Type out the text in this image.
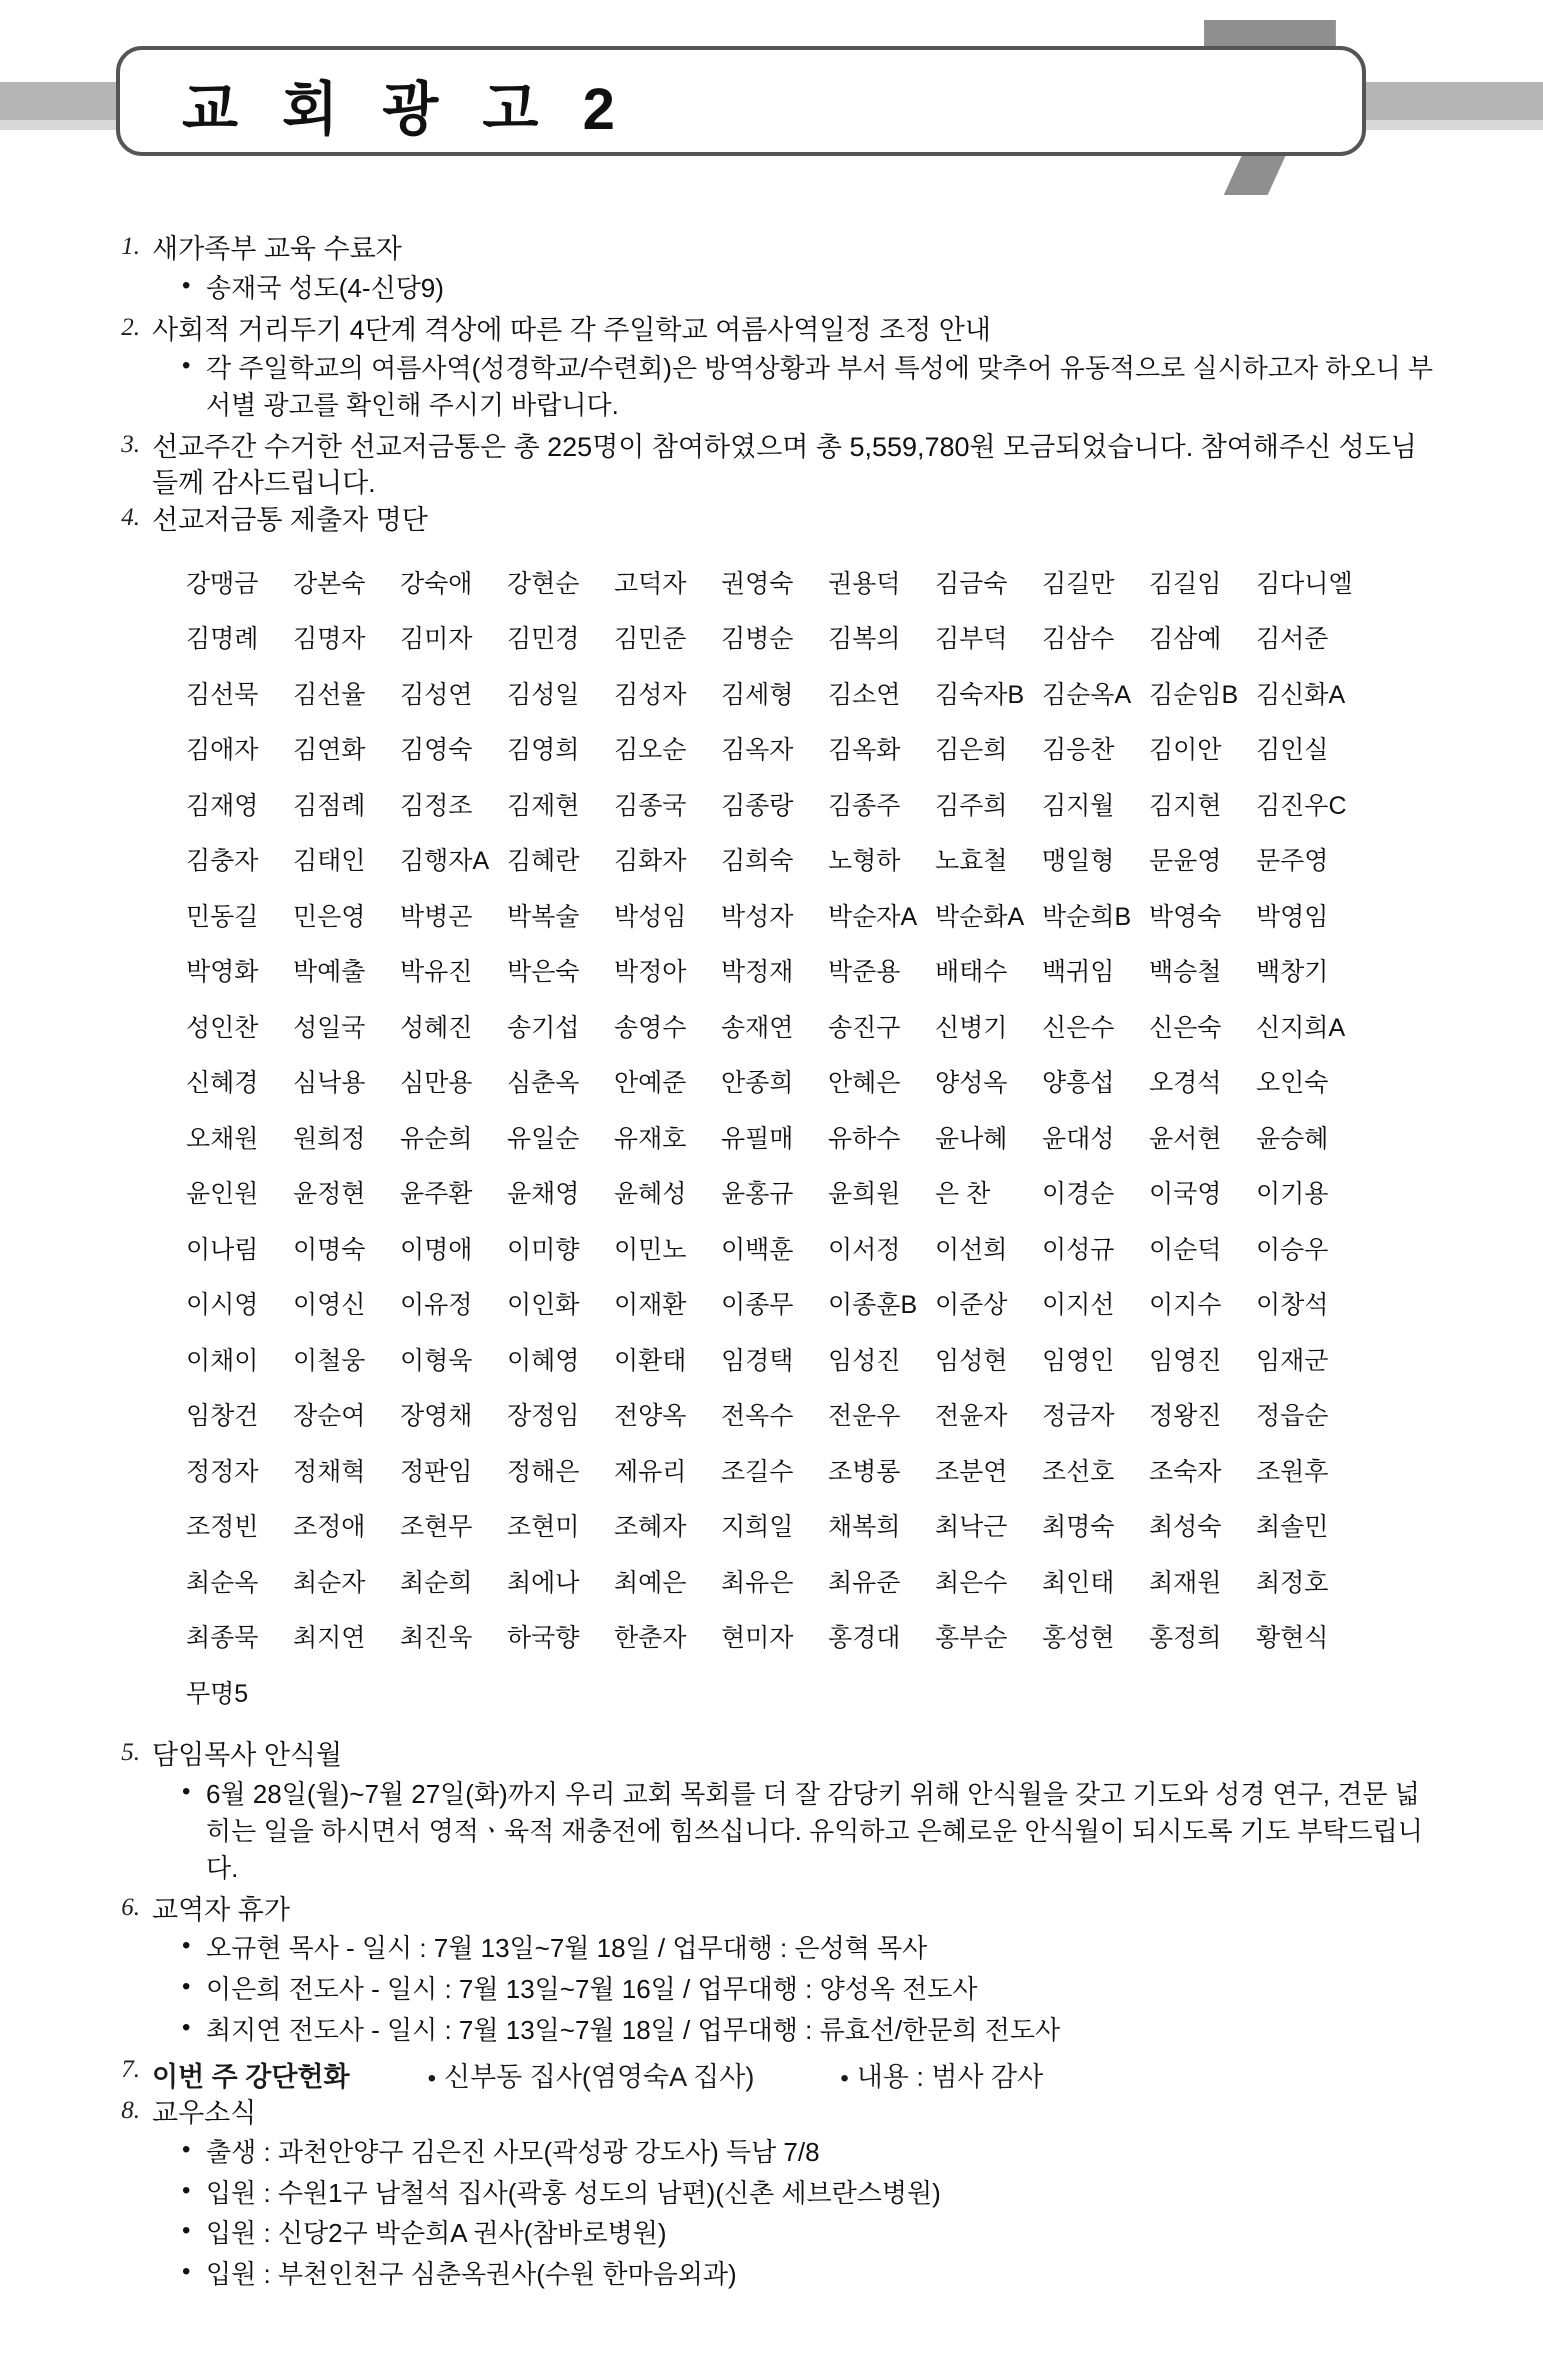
교 회 광 고 2
1. 새가족부 교육 수료자
• 송재국 성도(4-신당9)
2. 사회적 거리두기 4단계 격상에 따른 각 주일학교 여름사역일정 조정 안내
• 각 주일학교의 여름사역(성경학교/수련회)은 방역상황과 부서 특성에 맞추어 유동적으로 실시하고자 하오니 부서별 광고를 확인해 주시기 바랍니다.
3. 선교주간 수거한 선교저금통은 총 225명이 참여하였으며 총 5,559,780원 모금되었습니다. 참여해주신 성도님들께 감사드립니다.
4. 선교저금통 제출자 명단
강맹금	강본숙	강숙애	강현순	고덕자	권영숙	권용덕	김금숙	김길만	김길임	김다니엘
김명례	김명자	김미자	김민경	김민준	김병순	김복의	김부덕	김삼수	김삼예	김서준
김선묵	김선율	김성연	김성일	김성자	김세형	김소연	김숙자B 김순옥A 김순임B 김신화A
김애자	김연화	김영숙	김영희	김오순	김옥자	김옥화	김은희	김응찬	김이안	김인실
김재영	김점례	김정조	김제현	김종국	김종랑	김종주	김주희	김지월	김지현	김진우C
김충자	김태인	김행자A 김혜란	김화자	김희숙	노형하	노효철	맹일형	문윤영	문주영
민동길	민은영	박병곤	박복술	박성임	박성자	박순자A 박순화A 박순희B 박영숙	박영임
박영화	박예출	박유진	박은숙	박정아	박정재	박준용	배태수	백귀임	백승철	백창기
성인찬	성일국	성혜진	송기섭	송영수	송재연	송진구	신병기	신은수	신은숙	신지희A
신혜경	심낙용	심만용	심춘옥	안예준	안종희	안혜은	양성옥	양흥섭	오경석	오인숙
오채원	원희정	유순희	유일순	유재호	유필매	유하수	윤나혜	윤대성	윤서현	윤승혜
윤인원	윤정현	윤주환	윤채영	윤혜성	윤홍규	윤희원	은 찬	이경순	이국영	이기용
이나림	이명숙	이명애	이미향	이민노	이백훈	이서정	이선희	이성규	이순덕	이승우
이시영	이영신	이유정	이인화	이재환	이종무	이종훈B 이준상	이지선	이지수	이창석
이채이	이철웅	이형욱	이혜영	이환태	임경택	임성진	임성현	임영인	임영진	임재군
임창건	장순여	장영채	장정임	전양옥	전옥수	전운우	전윤자	정금자	정왕진	정읍순
정정자	정채혁	정판임	정해은	제유리	조길수	조병롱	조분연	조선호	조숙자	조원후
조정빈	조정애	조현무	조현미	조혜자	지희일	채복희	최낙근	최명숙	최성숙	최솔민
최순옥	최순자	최순희	최에나	최예은	최유은	최유준	최은수	최인태	최재원	최정호
최종묵	최지연	최진욱	하국향	한춘자	현미자	홍경대	홍부순	홍성현	홍정희	황현식
무명5
5. 담임목사 안식월
• 6월 28일(월)~7월 27일(화)까지 우리 교회 목회를 더 잘 감당키 위해 안식월을 갖고 기도와 성경 연구, 견문 넓히는 일을 하시면서 영적ㆍ육적 재충전에 힘쓰십니다. 유익하고 은혜로운 안식월이 되시도록 기도 부탁드립니다.
6. 교역자 휴가
• 오규현 목사 - 일시 : 7월 13일~7월 18일 / 업무대행 : 은성혁 목사
• 이은희 전도사 - 일시 : 7월 13일~7월 16일 / 업무대행 : 양성옥 전도사
• 최지연 전도사 - 일시 : 7월 13일~7월 18일 / 업무대행 : 류효선/한문희 전도사
7. 이번 주 강단헌화	• 신부동 집사(염영숙A 집사)	• 내용 : 범사 감사
8. 교우소식
• 출생 : 과천안양구 김은진 사모(곽성광 강도사) 득남 7/8
• 입원 : 수원1구 남철석 집사(곽홍 성도의 남편)(신촌 세브란스병원)
• 입원 : 신당2구 박순희A 권사(참바로병원)
• 입원 : 부천인천구 심춘옥권사(수원 한마음외과)
